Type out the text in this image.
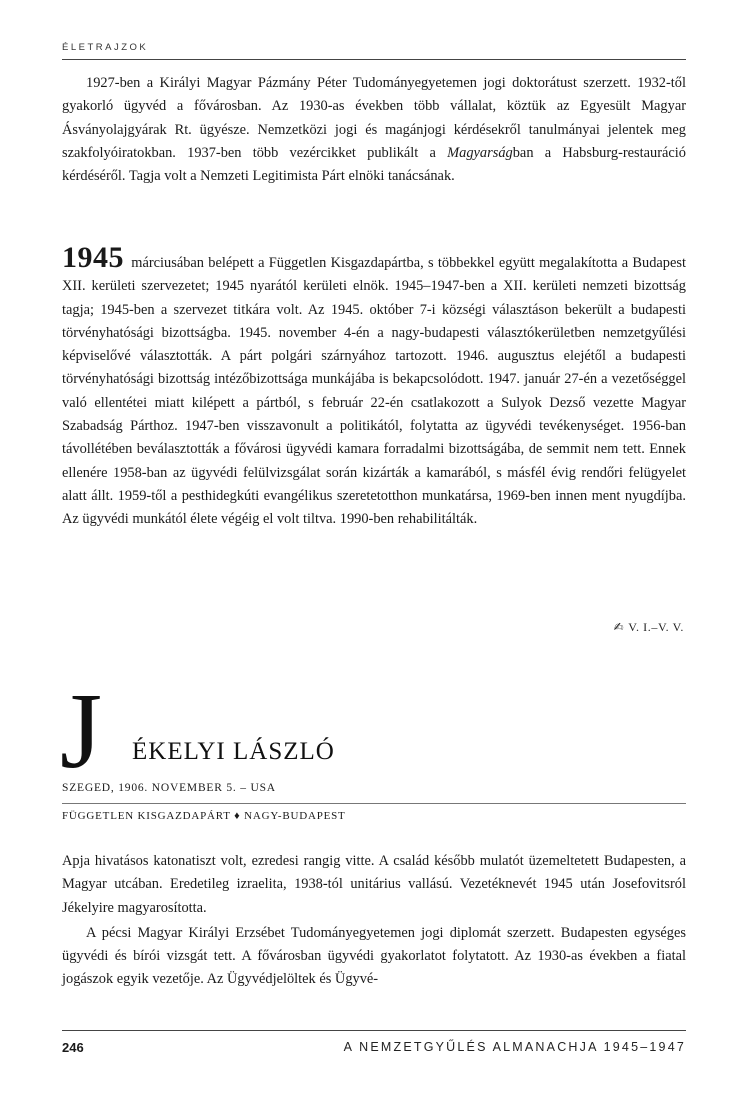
ÉLETRAJZOK

1927-ben a Királyi Magyar Pázmány Péter Tudományegyetemen jogi doktorátust szerzett. 1932-től gyakorló ügyvéd a fővárosban. Az 1930-as években több vállalat, köztük az Egyesült Magyar Ásványolajgyárak Rt. ügyésze. Nemzetközi jogi és magánjogi kérdésekről tanulmányai jelentek meg szakfolyóiratokban. 1937-ben több vezércikket publikált a Magyarságban a Habsburg-restauráció kérdéséről. Tagja volt a Nemzeti Legitimista Párt elnöki tanácsának.

1945 márciusában belépett a Független Kisgazdapártba, s többekkel együtt megalakította a Budapest XII. kerületi szervezetet; 1945 nyarától kerületi elnök. 1945–1947-ben a XII. kerületi nemzeti bizottság tagja; 1945-ben a szervezet titkára volt. Az 1945. október 7-i községi választáson bekerült a budapesti törvényhatósági bizottságba. 1945. november 4-én a nagy-budapesti választókerületben nemzetgyűlési képviselővé választották. A párt polgári szárnyához tartozott. 1946. augusztus elejétől a budapesti törvényhatósági bizottság intézőbizottsága munkájába is bekapcsolódott. 1947. január 27-én a vezetőséggel való ellentétei miatt kilépett a pártból, s február 22-én csatlakozott a Sulyok Dezső vezette Magyar Szabadság Párthoz. 1947-ben visszavonult a politikától, folytatta az ügyvédi tevékenységet. 1956-ban távollétében beválasztották a fővárosi ügyvédi kamara forradalmi bizottságába, de semmit nem tett. Ennek ellenére 1958-ban az ügyvédi felülvizsgálat során kizárták a kamarából, s másfél évig rendőri felügyelet alatt állt. 1959-től a pesthidegkúti evangélikus szeretetotthon munkatársa, 1969-ben innen ment nyugdíjba. Az ügyvédi munkától élete végéig el volt tiltva. 1990-ben rehabilitálták.

✍ V. I.–V. V.
J ÉKELYI LÁSZLÓ
SZEGED, 1906. NOVEMBER 5. – USA
FÜGGETLEN KISGAZDAPÁRT ♦ NAGY-BUDAPEST

Apja hivatásos katonatiszt volt, ezredesi rangig vitte. A család később mulatót üzemeltetett Budapesten, a Magyar utcában. Eredetileg izraelita, 1938-tól unitárius vallású. Vezetéknevét 1945 után Josefovitsról Jékelyire magyarosította.

A pécsi Magyar Királyi Erzsébet Tudományegyetemen jogi diplomát szerzett. Budapesten egységes ügyvédi és bírói vizsgát tett. A fővárosban ügyvédi gyakorlatot folytatott. Az 1930-as években a fiatal jogászok egyik vezetője. Az Ügyvédjelöltek és Ügyvé-

246	A NEMZETGYŰLÉS ALMANACHJA 1945–1947
